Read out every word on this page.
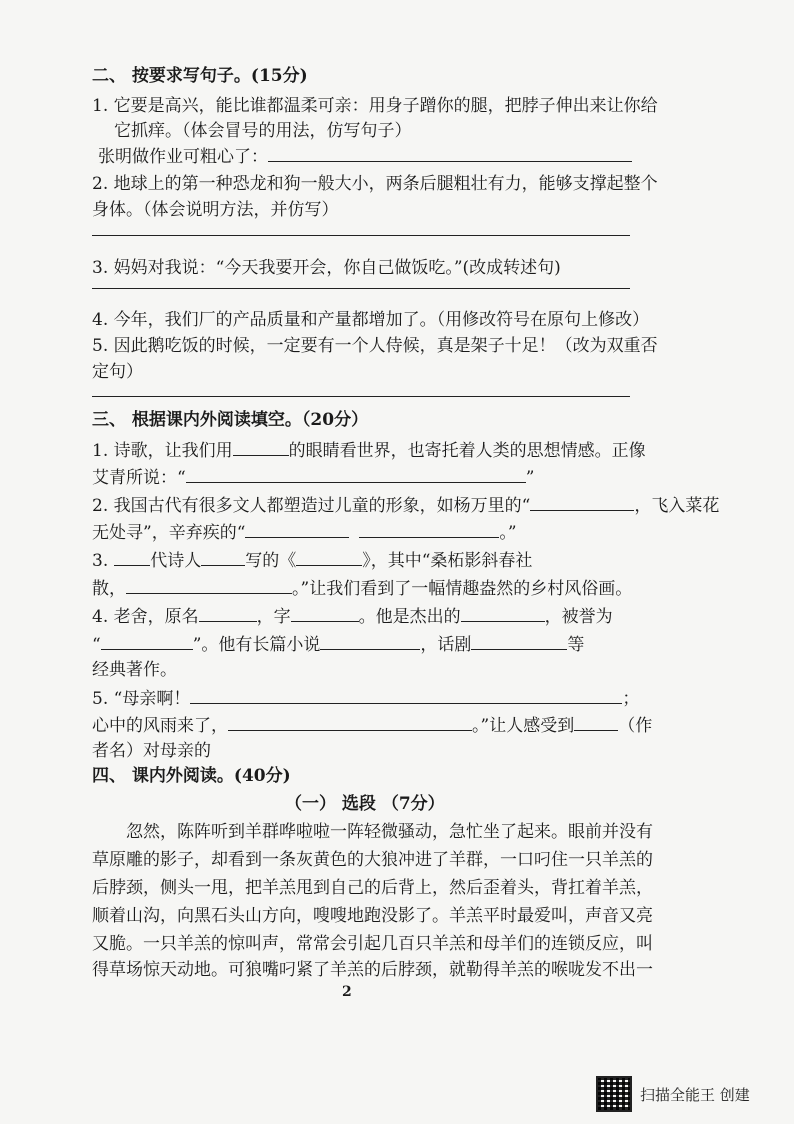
二、 按要求写句子。(15分)
1. 它要是高兴，能比谁都温柔可亲：用身子蹭你的腿，把脖子伸出来让你给
它抓痒。（体会冒号的用法，仿写句子）
张明做作业可粗心了：
2. 地球上的第一种恐龙和狗一般大小，两条后腿粗壮有力，能够支撑起整个
身体。（体会说明方法，并仿写）
3. 妈妈对我说：“今天我要开会，你自己做饭吃。”(改成转述句)
4. 今年，我们厂的产品质量和产量都增加了。（用修改符号在原句上修改）
5. 因此鹅吃饭的时候，一定要有一个人侍候，真是架子十足！（改为双重否
定句）
三、 根据课内外阅读填空。（20分）
1. 诗歌，让我们用	的眼睛看世界，也寄托着人类的思想情感。正像
艾青所说：“	”
2. 我国古代有很多文人都塑造过儿童的形象，如杨万里的“	，飞入菜花
无处寻”，辛弃疾的“	。”
3. 代诗人	写的《	》，其中“桑柘影斜春社
散，	。”让我们看到了一幅情趣盎然的乡村风俗画。
4. 老舍，原名	，字	。他是杰出的	，被誉为
“	”。他有长篇小说	，话剧	等
经典著作。
5. “母亲啊！	；
心中的风雨来了，	。”让人感受到	（作
者名）对母亲的
四、 课内外阅读。(40分)
（一） 选段 （7分）
忽然，陈阵听到羊群哗啦啦一阵轻微骚动，急忙坐了起来。眼前并没有
草原雕的影子，却看到一条灰黄色的大狼冲进了羊群，一口叼住一只羊羔的
后脖颈，侧头一甩，把羊羔甩到自己的后背上，然后歪着头，背扛着羊羔，
顺着山沟，向黑石头山方向，嗖嗖地跑没影了。羊羔平时最爱叫，声音又亮
又脆。一只羊羔的惊叫声，常常会引起几百只羊羔和母羊们的连锁反应，叫
得草场惊天动地。可狼嘴叼紧了羊羔的后脖颈，就勒得羊羔的喉咙发不出一
2
扫描全能王 创建
